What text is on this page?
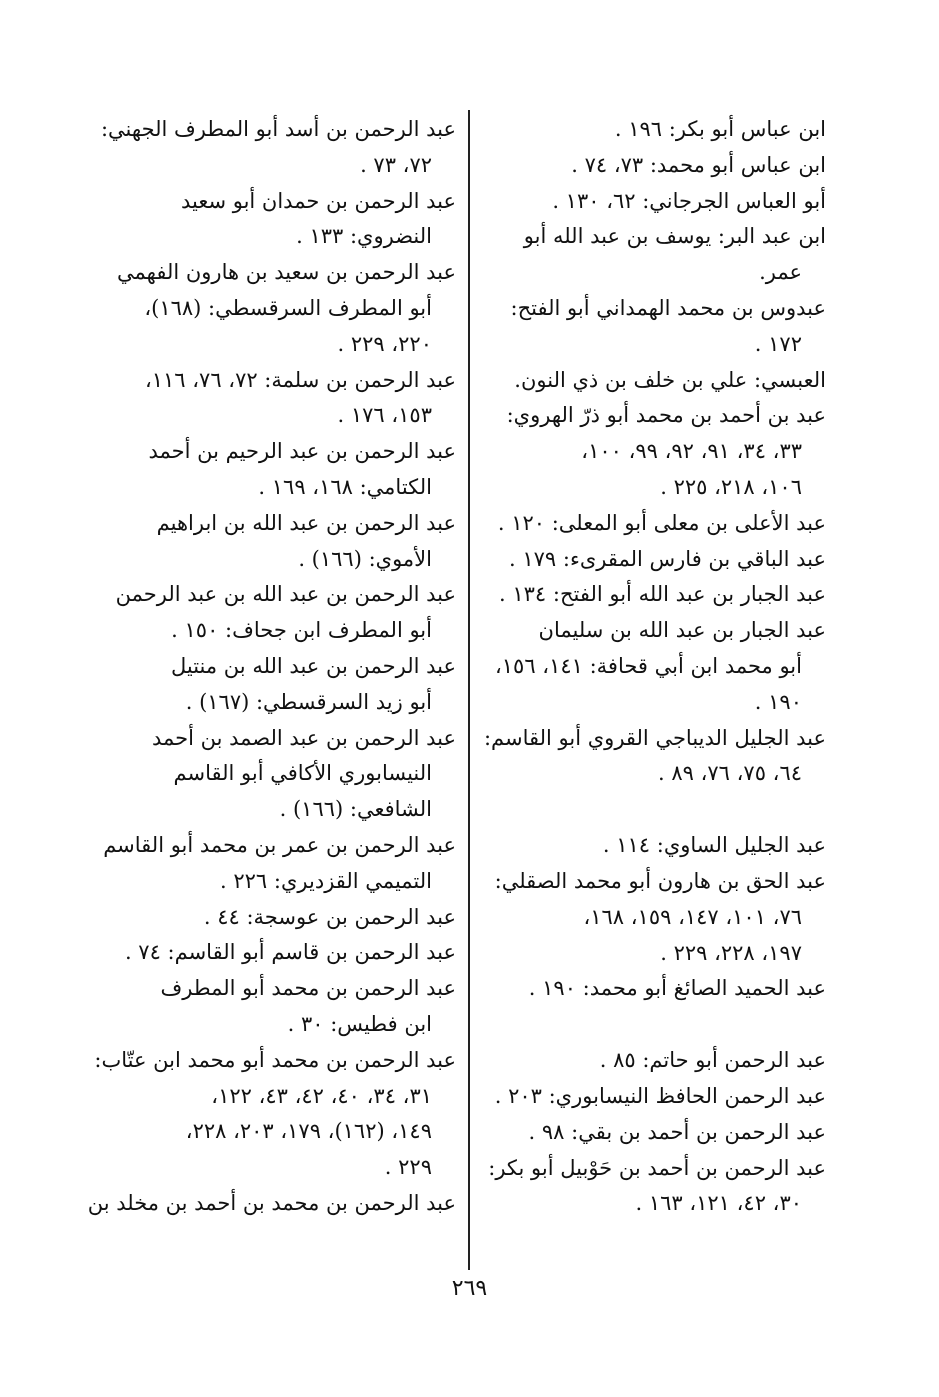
ابن عباس أبو بكر: ١٩٦ .
ابن عباس أبو محمد: ٧٣، ٧٤ .
أبو العباس الجرجاني: ٦٢، ١٣٠ .
ابن عبد البر: يوسف بن عبد الله أبو
عمر.
عبدوس بن محمد الهمداني أبو الفتح:
١٧٢ .
العبسي: علي بن خلف بن ذي النون.
عبد بن أحمد بن محمد أبو ذرّ الهروي:
٣٣، ٣٤، ٩١، ٩٢، ٩٩، ١٠٠،
١٠٦، ٢١٨، ٢٢٥ .
عبد الأعلى بن معلى أبو المعلى: ١٢٠ .
عبد الباقي بن فارس المقرىء: ١٧٩ .
عبد الجبار بن عبد الله أبو الفتح: ١٣٤ .
عبد الجبار بن عبد الله بن سليمان
أبو محمد ابن أبي قحافة: ١٤١، ١٥٦،
١٩٠ .
عبد الجليل الديباجي القروي أبو القاسم:
٦٤، ٧٥، ٧٦، ٨٩ .
عبد الجليل الساوي: ١١٤ .
عبد الحق بن هارون أبو محمد الصقلي:
٧٦، ١٠١، ١٤٧، ١٥٩، ١٦٨،
١٩٧، ٢٢٨، ٢٢٩ .
عبد الحميد الصائغ أبو محمد: ١٩٠ .
عبد الرحمن أبو حاتم: ٨٥ .
عبد الرحمن الحافظ النيسابوري: ٢٠٣ .
عبد الرحمن بن أحمد بن بقي: ٩٨ .
عبد الرحمن بن أحمد بن حَوْبيل أبو بكر:
٣٠، ٤٢، ١٢١، ١٦٣ .
عبد الرحمن بن أسد أبو المطرف الجهني:
٧٢، ٧٣ .
عبد الرحمن بن حمدان أبو سعيد
النضروي: ١٣٣ .
عبد الرحمن بن سعيد بن هارون الفهمي
أبو المطرف السرقسطي: (١٦٨)،
٢٢٠، ٢٢٩ .
عبد الرحمن بن سلمة: ٧٢، ٧٦، ١١٦،
١٥٣، ١٧٦ .
عبد الرحمن بن عبد الرحيم بن أحمد
الكتامي: ١٦٨، ١٦٩ .
عبد الرحمن بن عبد الله بن ابراهيم
الأموي: (١٦٦) .
عبد الرحمن بن عبد الله بن عبد الرحمن
أبو المطرف ابن جحاف: ١٥٠ .
عبد الرحمن بن عبد الله بن منتيل
أبو زيد السرقسطي: (١٦٧) .
عبد الرحمن بن عبد الصمد بن أحمد
النيسابوري الأكافي أبو القاسم
الشافعي: (١٦٦) .
عبد الرحمن بن عمر بن محمد أبو القاسم
التميمي القزديري: ٢٢٦ .
عبد الرحمن بن عوسجة: ٤٤ .
عبد الرحمن بن قاسم أبو القاسم: ٧٤ .
عبد الرحمن بن محمد أبو المطرف
ابن فطيس: ٣٠ .
عبد الرحمن بن محمد أبو محمد ابن عتّاب:
٣١، ٣٤، ٤٠، ٤٢، ٤٣، ١٢٢،
١٤٩، (١٦٢)، ١٧٩، ٢٠٣، ٢٢٨،
٢٢٩ .
عبد الرحمن بن محمد بن أحمد بن مخلد بن
٢٦٩
